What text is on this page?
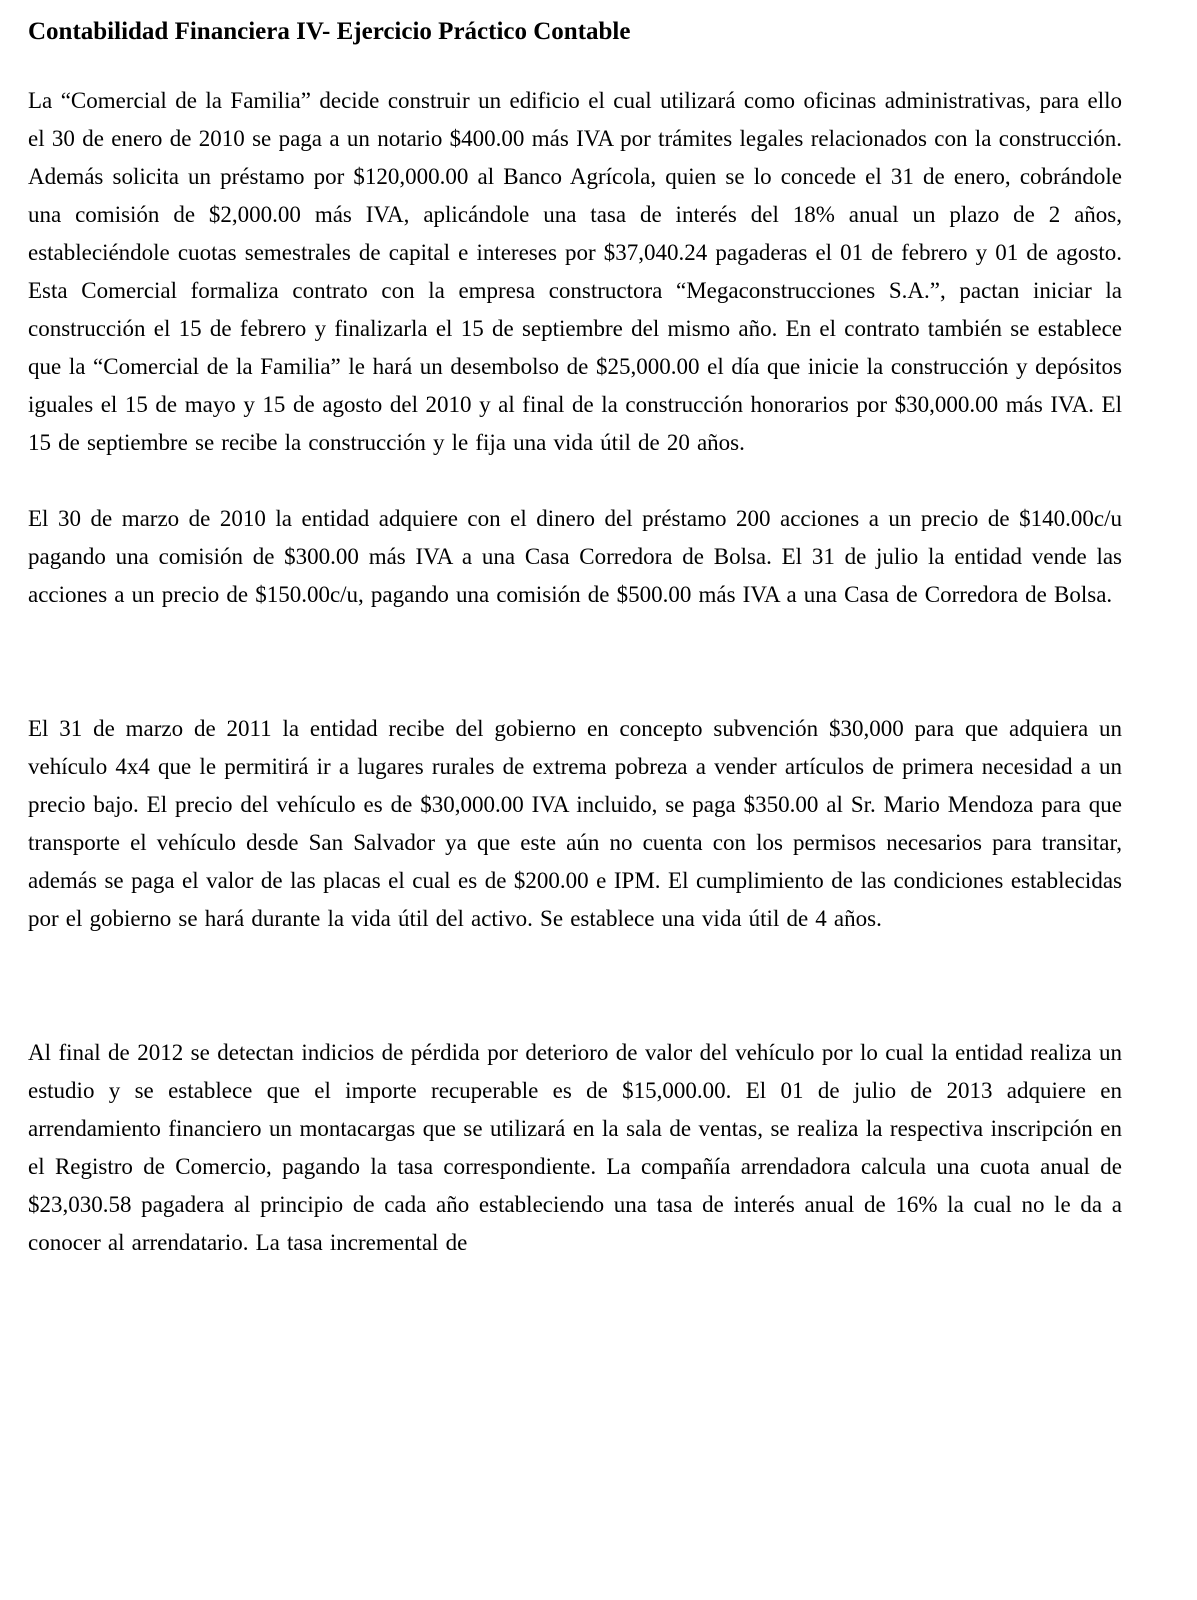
Contabilidad Financiera IV- Ejercicio Práctico Contable

La “Comercial de la Familia” decide construir un edificio el cual utilizará como oficinas administrativas, para ello el 30 de enero de 2010 se paga a un notario $400.00 más IVA por trámites legales relacionados con la construcción. Además solicita un préstamo por $120,000.00 al Banco Agrícola, quien se lo concede el 31 de enero, cobrándole una comisión de $2,000.00 más IVA, aplicándole una tasa de interés del 18% anual un plazo de 2 años, estableciéndole cuotas semestrales de capital e intereses por $37,040.24 pagaderas el 01 de febrero y 01 de agosto. Esta Comercial formaliza contrato con la empresa constructora “Megaconstrucciones S.A.”, pactan iniciar la construcción el 15 de febrero y finalizarla el 15 de septiembre del mismo año. En el contrato también se establece que la “Comercial de la Familia” le hará un desembolso de $25,000.00 el día que inicie la construcción y depósitos iguales el 15 de mayo y 15 de agosto del 2010 y al final de la construcción honorarios por $30,000.00 más IVA. El 15 de septiembre se recibe la construcción y le fija una vida útil de 20 años.

El 30 de marzo de 2010 la entidad adquiere con el dinero del préstamo 200 acciones a un precio de $140.00c/u pagando una comisión de $300.00 más IVA a una Casa Corredora de Bolsa. El 31 de julio la entidad vende las acciones a un precio de $150.00c/u, pagando una comisión de $500.00 más IVA a una Casa de Corredora de Bolsa.

El 31 de marzo de 2011 la entidad recibe del gobierno en concepto subvención $30,000 para que adquiera un vehículo 4x4 que le permitirá ir a lugares rurales de extrema pobreza a vender artículos de primera necesidad a un precio bajo. El precio del vehículo es de $30,000.00 IVA incluido, se paga $350.00 al Sr. Mario Mendoza para que transporte el vehículo desde San Salvador ya que este aún no cuenta con los permisos necesarios para transitar, además se paga el valor de las placas el cual es de $200.00 e IPM. El cumplimiento de las condiciones establecidas por el gobierno se hará durante la vida útil del activo. Se establece una vida útil de 4 años.

Al final de 2012 se detectan indicios de pérdida por deterioro de valor del vehículo por lo cual la entidad realiza un estudio y se establece que el importe recuperable es de $15,000.00. El 01 de julio de 2013 adquiere en arrendamiento financiero un montacargas que se utilizará en la sala de ventas, se realiza la respectiva inscripción en el Registro de Comercio, pagando la tasa correspondiente. La compañía arrendadora calcula una cuota anual de $23,030.58 pagadera al principio de cada año estableciendo una tasa de interés anual de 16% la cual no le da a conocer al arrendatario. La tasa incremental de
